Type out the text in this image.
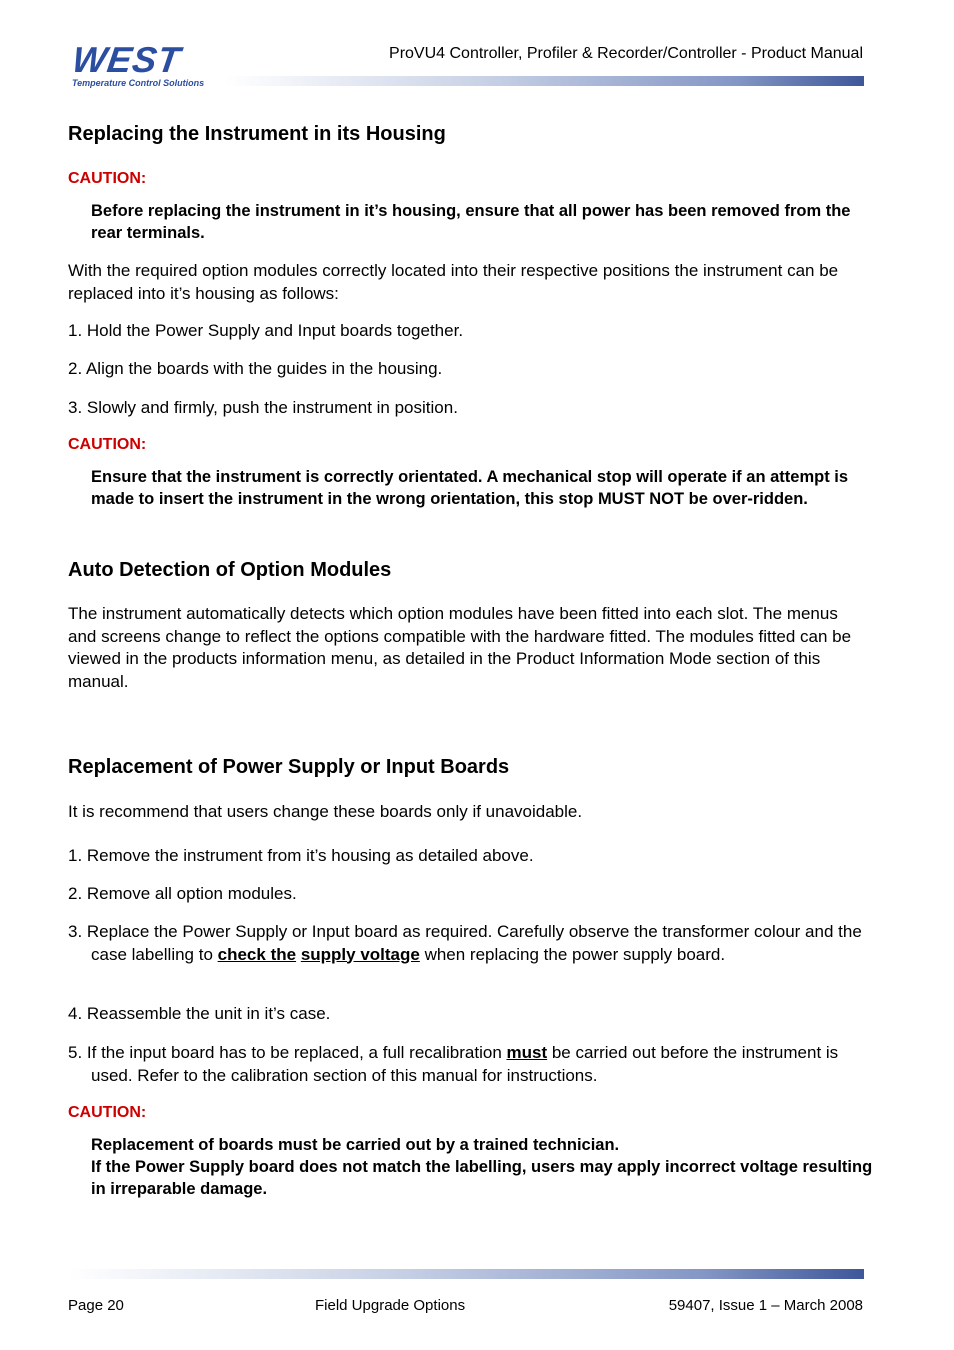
WEST
Temperature Control Solutions
ProVU4 Controller, Profiler & Recorder/Controller - Product Manual
Replacing the Instrument in its Housing
CAUTION:
Before replacing the instrument in it’s housing, ensure that all power has been removed from the rear terminals.
With the required option modules correctly located into their respective positions the instrument can be replaced into it’s housing as follows:
1. Hold the Power Supply and Input boards together.
2. Align the boards with the guides in the housing.
3. Slowly and firmly, push the instrument in position.
CAUTION:
Ensure that the instrument is correctly orientated. A mechanical stop will operate if an attempt is made to insert the instrument in the wrong orientation, this stop MUST NOT be over-ridden.
Auto Detection of Option Modules
The instrument automatically detects which option modules have been fitted into each slot. The menus and screens change to reflect the options compatible with the hardware fitted. The modules fitted can be viewed in the products information menu, as detailed in the Product Information Mode section of this manual.
Replacement of Power Supply or Input Boards
It is recommend that users change these boards only if unavoidable.
1. Remove the instrument from it’s housing as detailed above.
2. Remove all option modules.
3. Replace the Power Supply or Input board as required. Carefully observe the transformer colour and the case labelling to check the supply voltage when replacing the power supply board.
4. Reassemble the unit in it’s case.
5. If the input board has to be replaced, a full recalibration must be carried out before the instrument is used. Refer to the calibration section of this manual for instructions.
CAUTION:
Replacement of boards must be carried out by a trained technician.
If the Power Supply board does not match the labelling, users may apply incorrect voltage resulting in irreparable damage.
Page 20	Field Upgrade Options	59407, Issue 1 – March 2008
